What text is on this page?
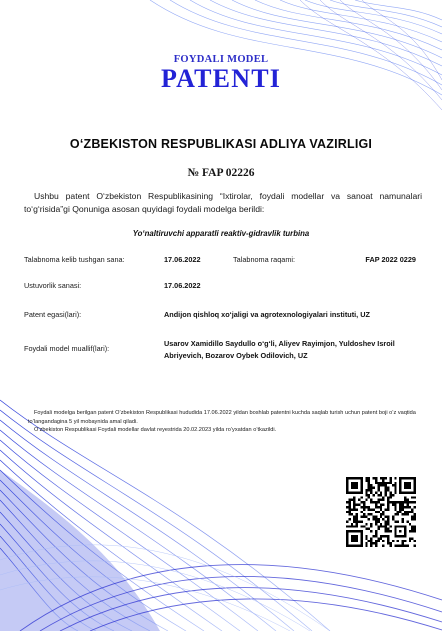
FOYDALI MODEL
PATENTI
O‘ZBEKISTON RESPUBLIKASI ADLIYA VAZIRLIGI
№ FAP 02226
Ushbu patent O‘zbekiston Respublikasining “Ixtirolar, foydali modellar va sanoat namunalari to‘g‘risida”gi Qonuniga asosan quyidagi foydali modelga berildi:
Yo‘naltiruvchi apparatli reaktiv-gidravlik turbina
Talabnoma kelib tushgan sana:	17.06.2022	Talabnoma raqami:	FAP 2022 0229
Ustuvorlik sanasi:	17.06.2022
Patent egasi(lari):	Andijon qishloq xo‘jaligi va agrotexnologiyalari instituti, UZ
Foydali model muallif(lari):
Usarov Xamidillo Saydullo o‘g‘li, Aliyev Rayimjon, Yuldoshev Isroil Abriyevich, Bozarov Oybek Odilovich, UZ
Foydali modelga berilgan patent O‘zbekiston Respublikasi hududida 17.06.2022 yildan boshlab patentni kuchda saqlab turish uchun patent boji o‘z vaqtida to‘langandagina 5 yil mobaynida amal qiladi.
O‘zbekiston Respublikasi Foydali modellar davlat reyestrida 20.02.2023 yilda ro‘yxatdan o‘tkazildi.
